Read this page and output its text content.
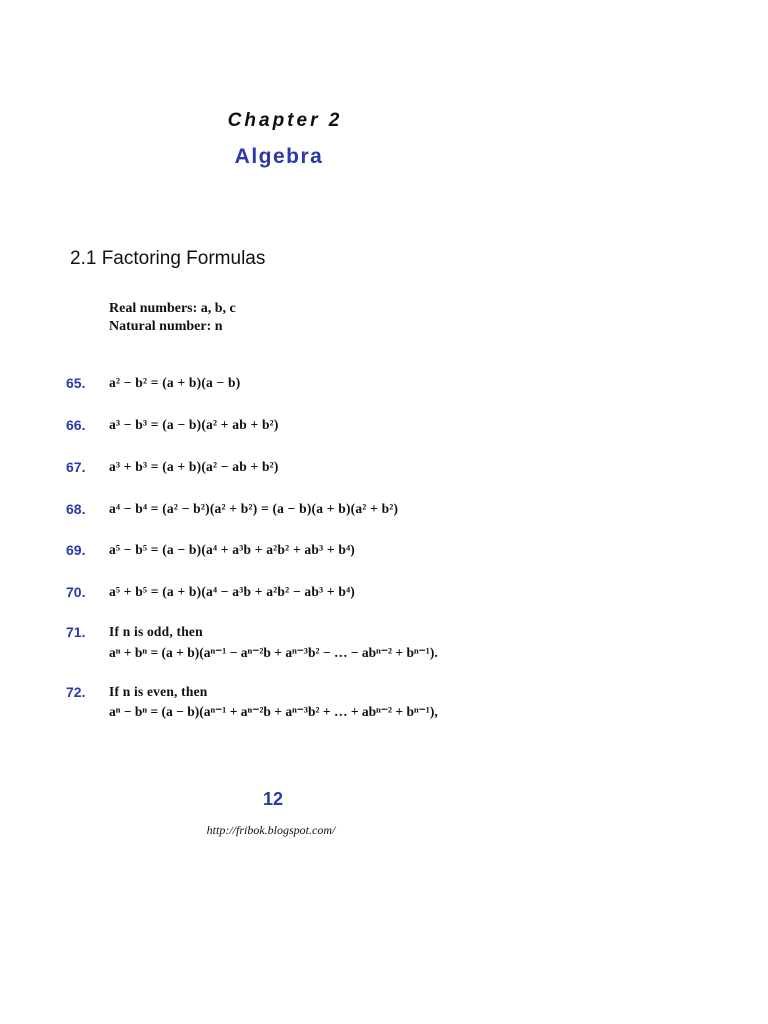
Chapter 2
Algebra
2.1 Factoring Formulas
Real numbers: a, b, c
Natural number: n
65. a² − b² = (a + b)(a − b)
66. a³ − b³ = (a − b)(a² + ab + b²)
67. a³ + b³ = (a + b)(a² − ab + b²)
68. a⁴ − b⁴ = (a² − b²)(a² + b²) = (a − b)(a + b)(a² + b²)
69. a⁵ − b⁵ = (a − b)(a⁴ + a³b + a²b² + ab³ + b⁴)
70. a⁵ + b⁵ = (a + b)(a⁴ − a³b + a²b² − ab³ + b⁴)
71. If n is odd, then
aⁿ + bⁿ = (a + b)(aⁿ⁻¹ − aⁿ⁻²b + aⁿ⁻³b² − … − abⁿ⁻² + bⁿ⁻¹).
72. If n is even, then
aⁿ − bⁿ = (a − b)(aⁿ⁻¹ + aⁿ⁻²b + aⁿ⁻³b² + … + abⁿ⁻² + bⁿ⁻¹),
12
http://fribok.blogspot.com/
